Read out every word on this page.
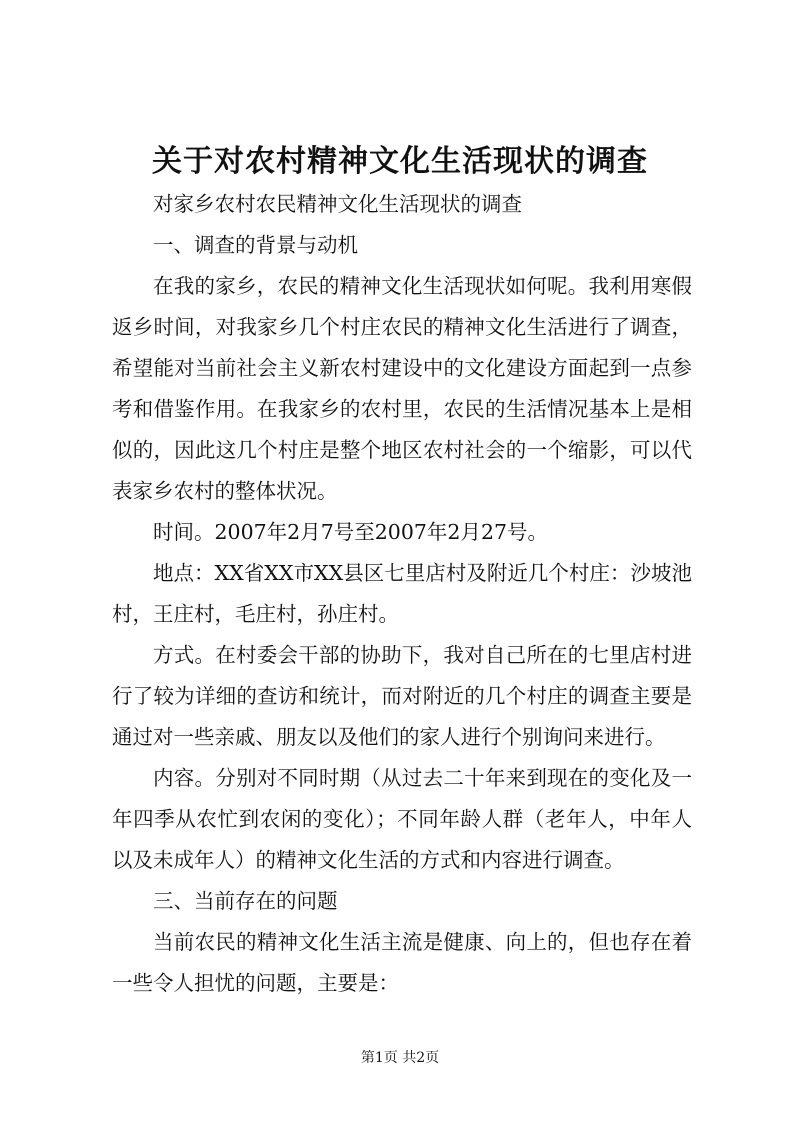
关于对农村精神文化生活现状的调查

对家乡农村农民精神文化生活现状的调查

一、调查的背景与动机

在我的家乡，农民的精神文化生活现状如何呢。我利用寒假返乡时间，对我家乡几个村庄农民的精神文化生活进行了调查，希望能对当前社会主义新农村建设中的文化建设方面起到一点参考和借鉴作用。在我家乡的农村里，农民的生活情况基本上是相似的，因此这几个村庄是整个地区农村社会的一个缩影，可以代表家乡农村的整体状况。

时间。2007年2月7号至2007年2月27号。

地点：XX省XX市XX县区七里店村及附近几个村庄：沙坡池村，王庄村，毛庄村，孙庄村。

方式。在村委会干部的协助下，我对自己所在的七里店村进行了较为详细的查访和统计，而对附近的几个村庄的调查主要是通过对一些亲戚、朋友以及他们的家人进行个别询问来进行。

内容。分别对不同时期（从过去二十年来到现在的变化及一年四季从农忙到农闲的变化）；不同年龄人群（老年人，中年人以及未成年人）的精神文化生活的方式和内容进行调查。

三、当前存在的问题

当前农民的精神文化生活主流是健康、向上的，但也存在着一些令人担忧的问题，主要是：

第1页 共2页
